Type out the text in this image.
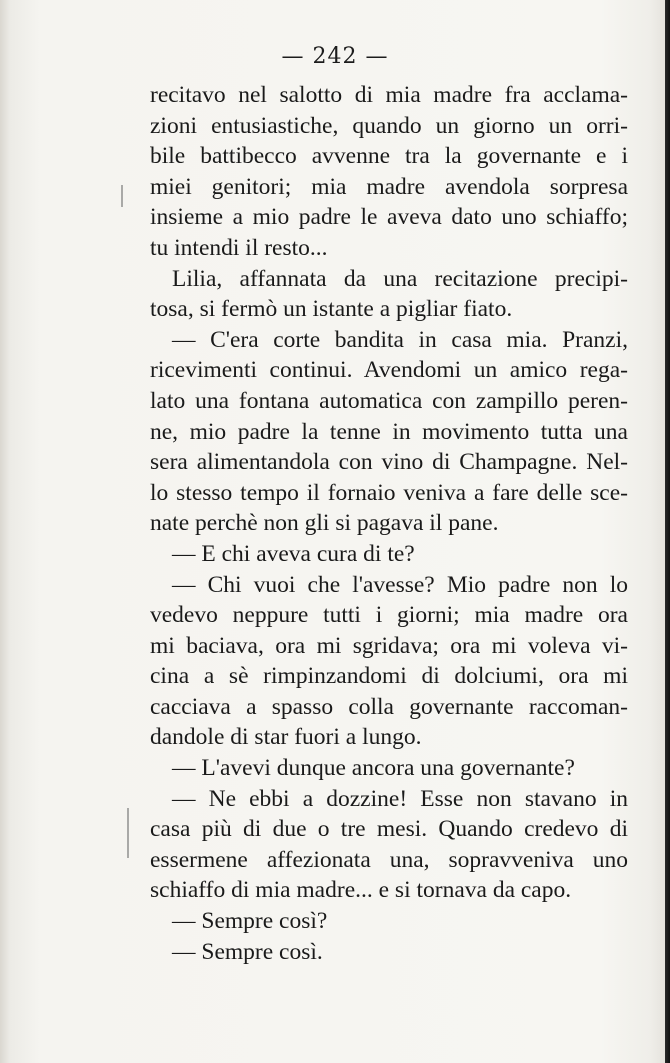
— 242 —

recitavo nel salotto di mia madre fra acclama-

zioni entusiastiche, quando un giorno un orri-

bile battibecco avvenne tra la governante e i

miei genitori; mia madre avendola sorpresa

insieme a mio padre le aveva dato uno schiaffo;

tu intendi il resto...

Lilia, affannata da una recitazione precipi-

tosa, si fermò un istante a pigliar fiato.

— C'era corte bandita in casa mia. Pranzi,

ricevimenti continui. Avendomi un amico rega-

lato una fontana automatica con zampillo peren-

ne, mio padre la tenne in movimento tutta una

sera alimentandola con vino di Champagne. Nel-

lo stesso tempo il fornaio veniva a fare delle sce-

nate perchè non gli si pagava il pane.

— E chi aveva cura di te?

— Chi vuoi che l'avesse? Mio padre non lo

vedevo neppure tutti i giorni; mia madre ora

mi baciava, ora mi sgridava; ora mi voleva vi-

cina a sè rimpinzandomi di dolciumi, ora mi

cacciava a spasso colla governante raccoman-

dandole di star fuori a lungo.

— L'avevi dunque ancora una governante?

— Ne ebbi a dozzine! Esse non stavano in

casa più di due o tre mesi. Quando credevo di

essermene affezionata una, sopravveniva uno

schiaffo di mia madre... e si tornava da capo.

— Sempre così?

— Sempre così.
